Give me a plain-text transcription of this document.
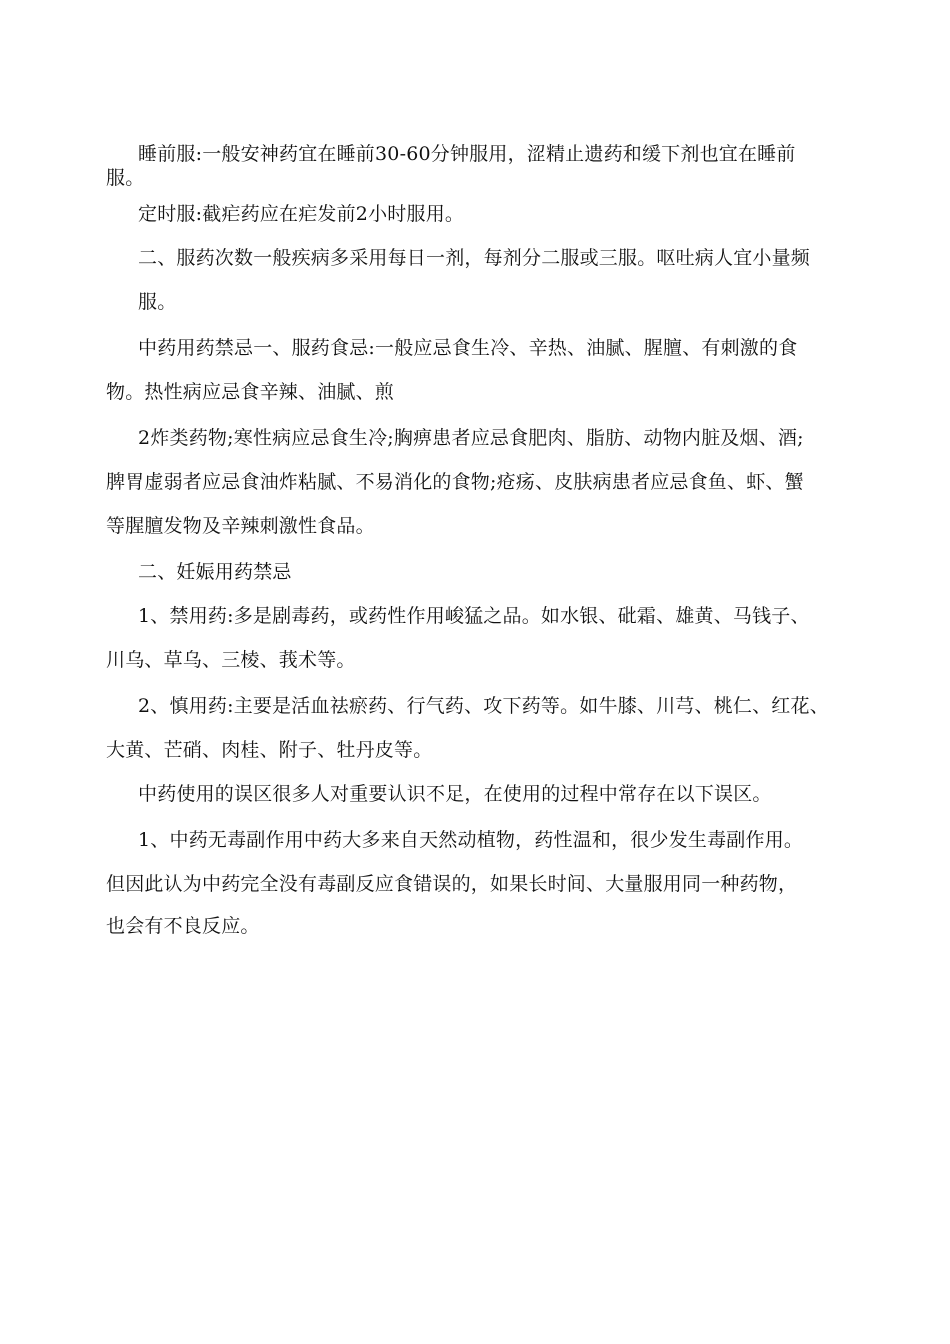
睡前服:一般安神药宜在睡前30-60分钟服用，涩精止遗药和缓下剂也宜在睡前
服。
定时服:截疟药应在疟发前2小时服用。
二、服药次数一般疾病多采用每日一剂，每剂分二服或三服。呕吐病人宜小量频
服。
中药用药禁忌一、服药食忌:一般应忌食生冷、辛热、油腻、腥膻、有刺激的食
物。热性病应忌食辛辣、油腻、煎
2炸类药物;寒性病应忌食生冷;胸痹患者应忌食肥肉、脂肪、动物内脏及烟、酒;
脾胃虚弱者应忌食油炸粘腻、不易消化的食物;疮疡、皮肤病患者应忌食鱼、虾、蟹
等腥膻发物及辛辣刺激性食品。
二、妊娠用药禁忌
1、禁用药:多是剧毒药，或药性作用峻猛之品。如水银、砒霜、雄黄、马钱子、
川乌、草乌、三棱、莪术等。
2、慎用药:主要是活血祛瘀药、行气药、攻下药等。如牛膝、川芎、桃仁、红花、
大黄、芒硝、肉桂、附子、牡丹皮等。
中药使用的误区很多人对重要认识不足，在使用的过程中常存在以下误区。
1、中药无毒副作用中药大多来自天然动植物，药性温和，很少发生毒副作用。
但因此认为中药完全没有毒副反应食错误的，如果长时间、大量服用同一种药物，
也会有不良反应。
